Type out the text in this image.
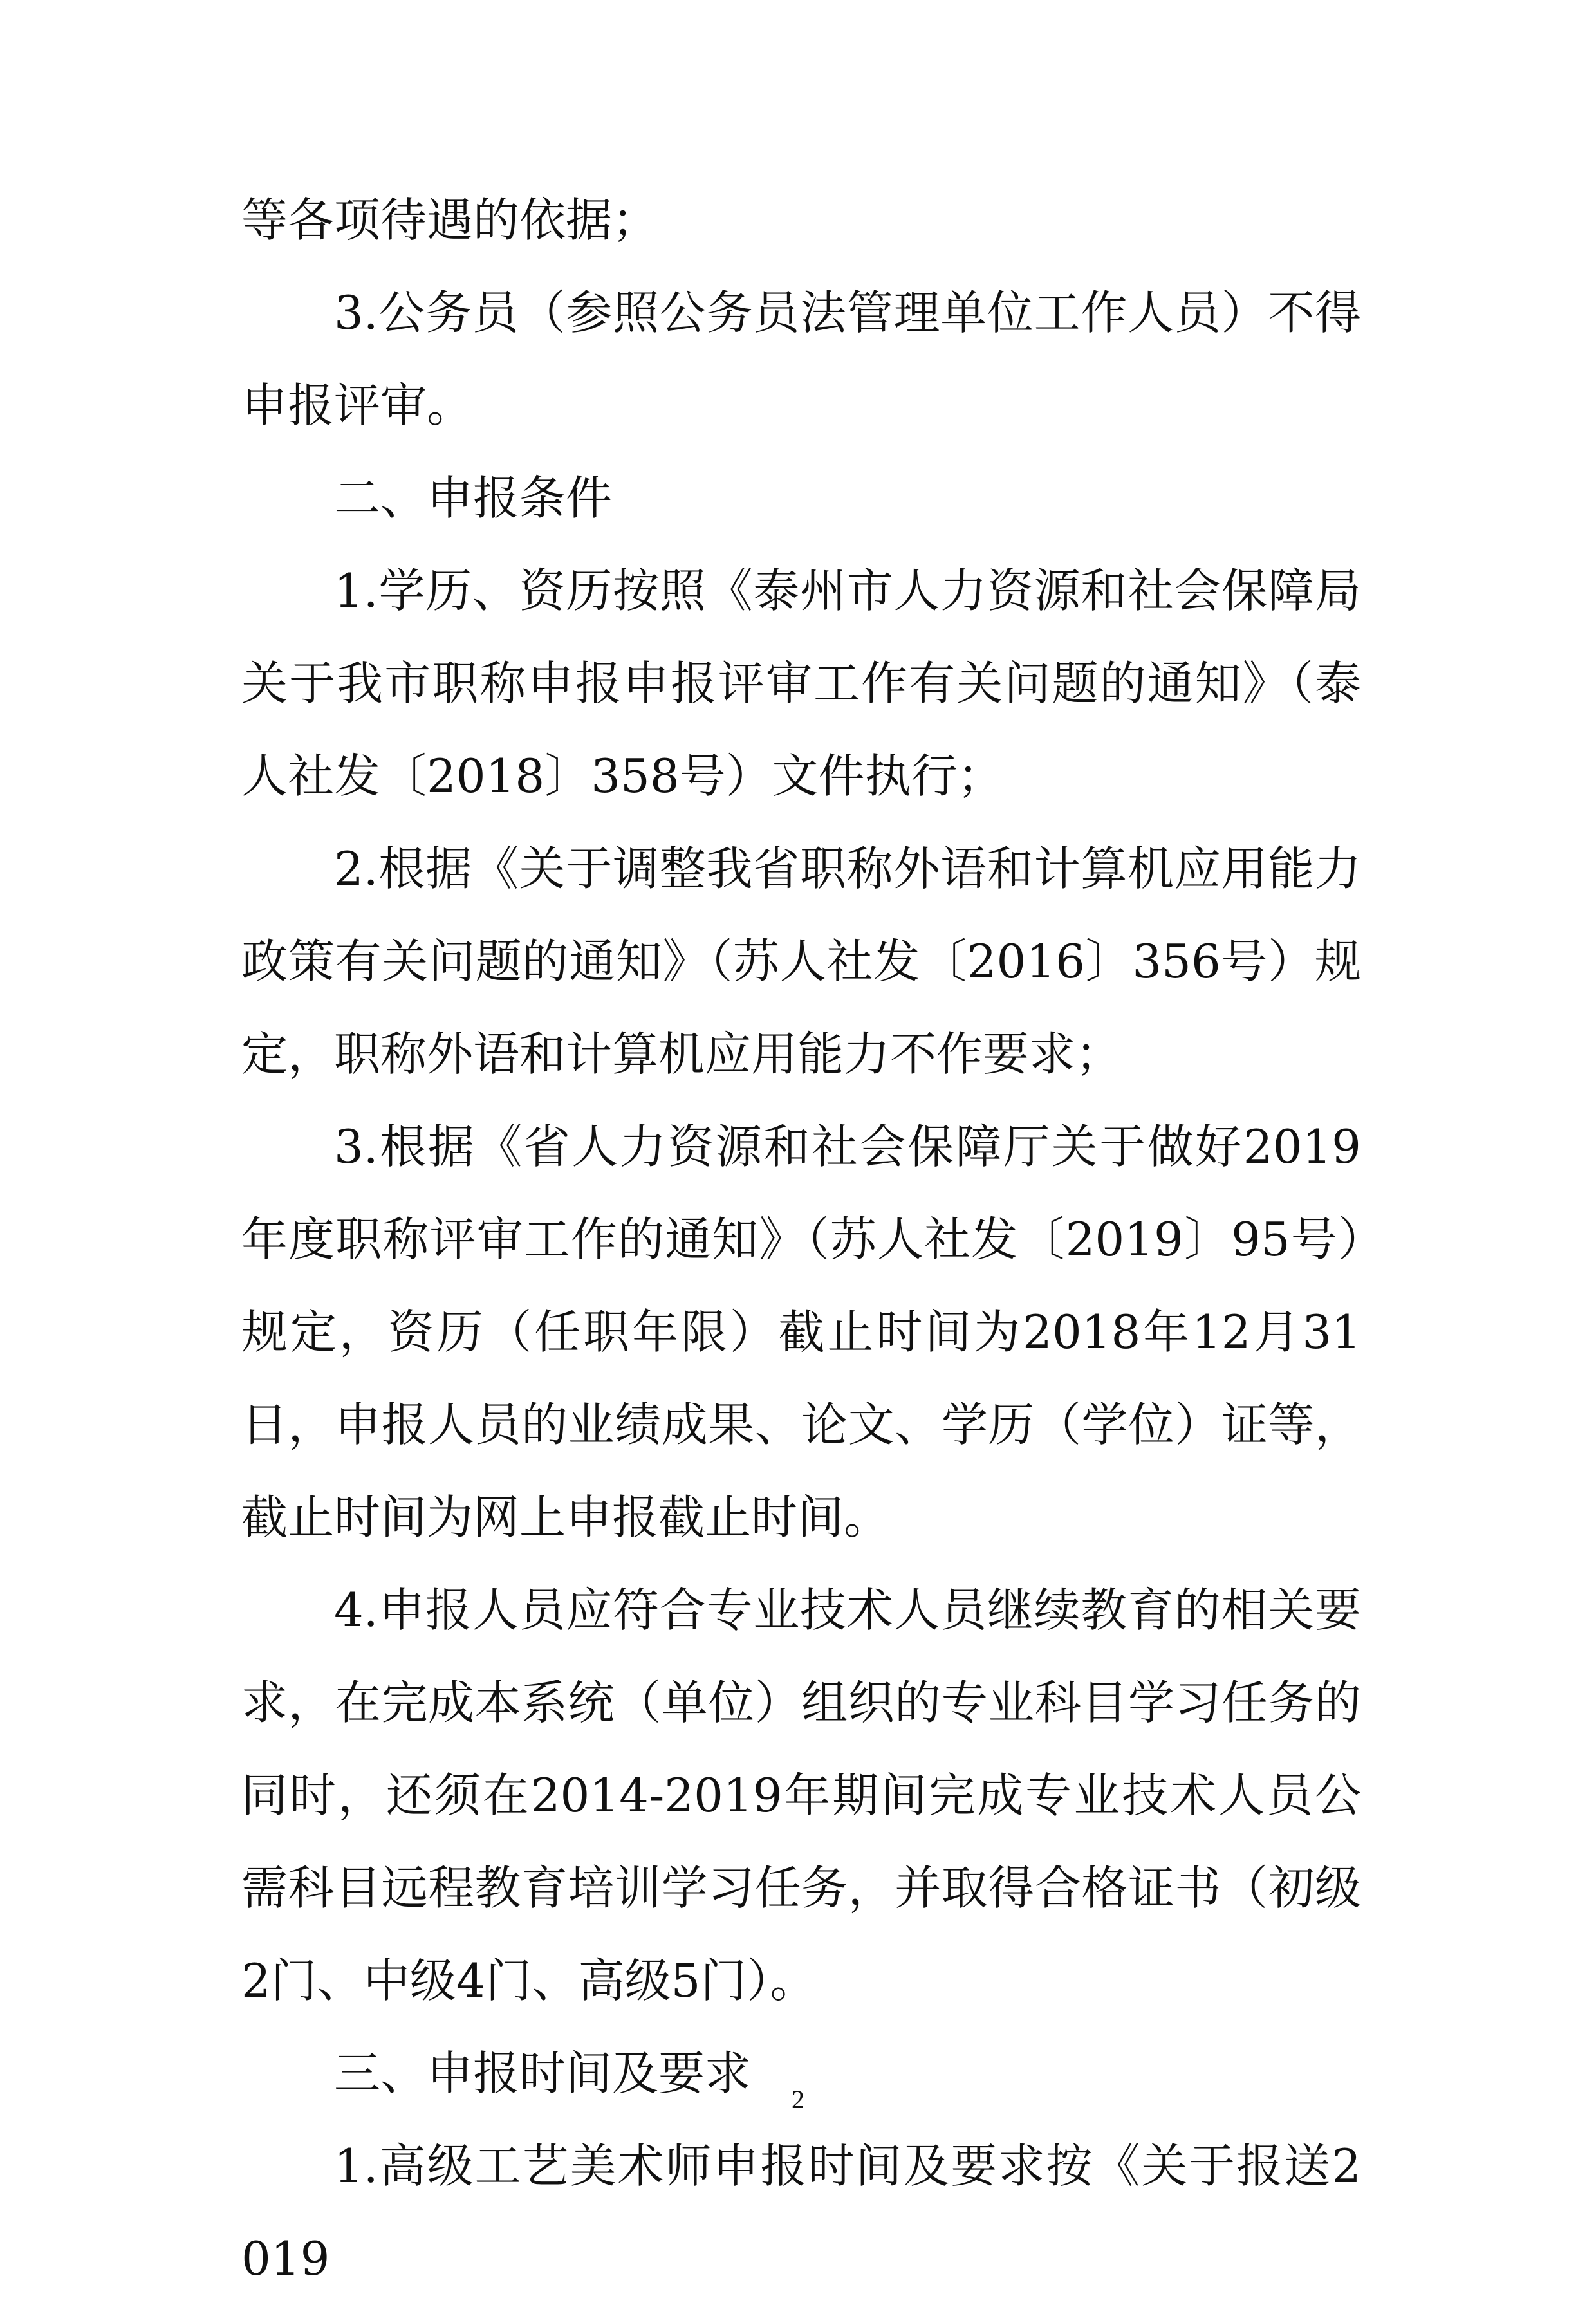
等各项待遇的依据；

3.公务员（参照公务员法管理单位工作人员）不得申报评审。

二、申报条件

1.学历、资历按照《泰州市人力资源和社会保障局关于我市职称申报申报评审工作有关问题的通知》（泰人社发〔2018〕358号）文件执行；

2.根据《关于调整我省职称外语和计算机应用能力政策有关问题的通知》（苏人社发〔2016〕356号）规定，职称外语和计算机应用能力不作要求；

3.根据《省人力资源和社会保障厅关于做好2019年度职称评审工作的通知》（苏人社发〔2019〕95号）规定，资历（任职年限）截止时间为2018年12月31日，申报人员的业绩成果、论文、学历（学位）证等，截止时间为网上申报截止时间。

4.申报人员应符合专业技术人员继续教育的相关要求，在完成本系统（单位）组织的专业科目学习任务的同时，还须在2014-2019年期间完成专业技术人员公需科目远程教育培训学习任务，并取得合格证书（初级2门、中级4门、高级5门）。

三、申报时间及要求

1.高级工艺美术师申报时间及要求按《关于报送2019

2
